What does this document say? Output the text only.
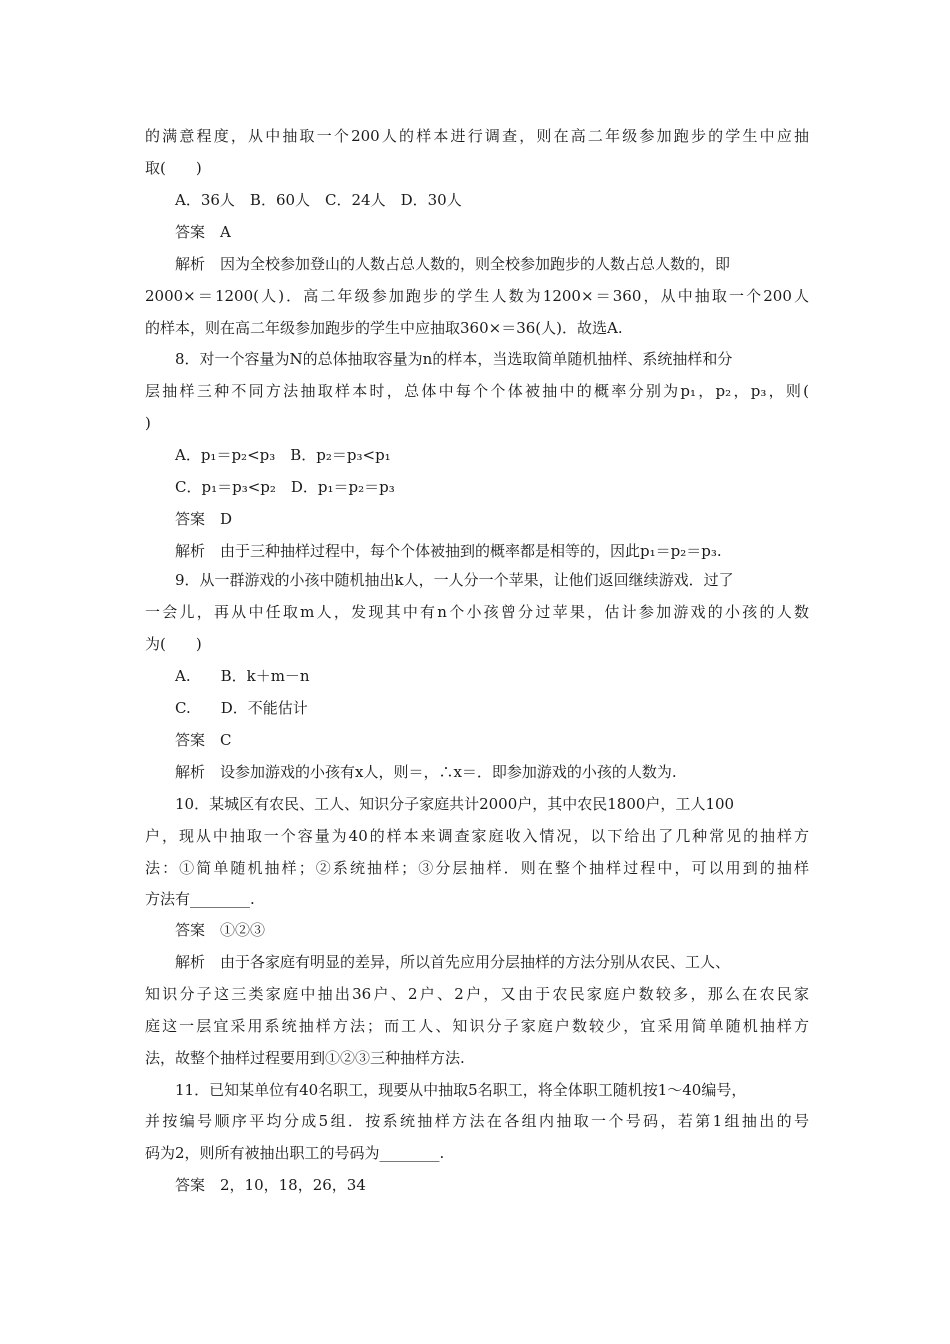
的满意程度，从中抽取一个200人的样本进行调查，则在高二年级参加跑步的学生中应抽
取(　　)
A．36人　B．60人　C．24人　D．30人
答案　A
解析　因为全校参加登山的人数占总人数的，则全校参加跑步的人数占总人数的，即
2000×＝1200(人)．高二年级参加跑步的学生人数为1200×＝360，从中抽取一个200人
的样本，则在高二年级参加跑步的学生中应抽取360×＝36(人)．故选A.
8．对一个容量为N的总体抽取容量为n的样本，当选取简单随机抽样、系统抽样和分
层抽样三种不同方法抽取样本时，总体中每个个体被抽中的概率分别为p₁，p₂，p₃，则(
)
A．p₁＝p₂<p₃　B．p₂＝p₃<p₁
C．p₁＝p₃<p₂　D．p₁＝p₂＝p₃
答案　D
解析　由于三种抽样过程中，每个个体被抽到的概率都是相等的，因此p₁＝p₂＝p₃.
9．从一群游戏的小孩中随机抽出k人，一人分一个苹果，让他们返回继续游戏．过了
一会儿，再从中任取m人，发现其中有n个小孩曾分过苹果，估计参加游戏的小孩的人数
为(　　)
A.　　B．k＋m－n
C.　　D．不能估计
答案　C
解析　设参加游戏的小孩有x人，则＝，∴x＝．即参加游戏的小孩的人数为.
10．某城区有农民、工人、知识分子家庭共计2000户，其中农民1800户，工人100
户，现从中抽取一个容量为40的样本来调查家庭收入情况，以下给出了几种常见的抽样方
法：①简单随机抽样；②系统抽样；③分层抽样．则在整个抽样过程中，可以用到的抽样
方法有________.
答案　①②③
解析　由于各家庭有明显的差异，所以首先应用分层抽样的方法分别从农民、工人、
知识分子这三类家庭中抽出36户、2户、2户，又由于农民家庭户数较多，那么在农民家
庭这一层宜采用系统抽样方法；而工人、知识分子家庭户数较少，宜采用简单随机抽样方
法，故整个抽样过程要用到①②③三种抽样方法.
11．已知某单位有40名职工，现要从中抽取5名职工，将全体职工随机按1～40编号，
并按编号顺序平均分成5组．按系统抽样方法在各组内抽取一个号码，若第1组抽出的号
码为2，则所有被抽出职工的号码为________.
答案　2，10，18，26，34
